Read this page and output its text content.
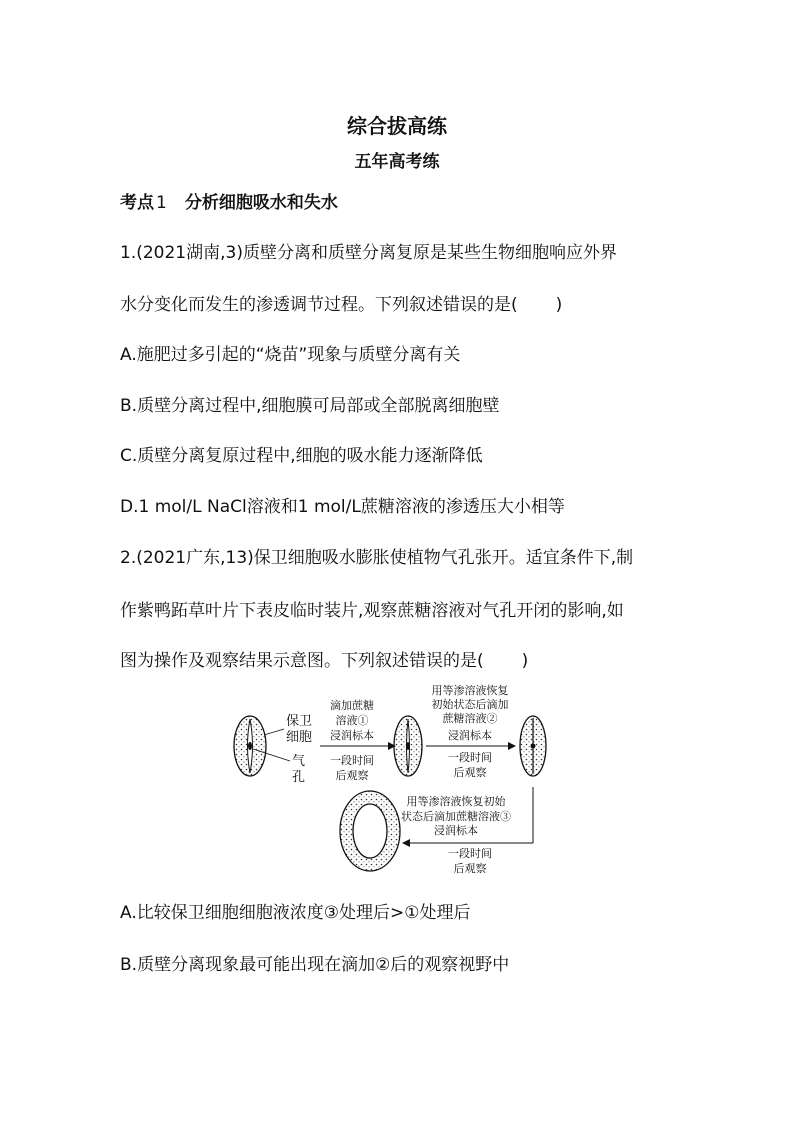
综合拔高练
五年高考练
考点 1 分析细胞吸水和失水
1.(2021湖南,3)质壁分离和质壁分离复原是某些生物细胞响应外界
水分变化而发生的渗透调节过程。下列叙述错误的是( )
A.施肥过多引起的“烧苗”现象与质壁分离有关
B.质壁分离过程中,细胞膜可局部或全部脱离细胞壁
C.质壁分离复原过程中,细胞的吸水能力逐渐降低
D.1 mol/L NaCl溶液和1 mol/L蔗糖溶液的渗透压大小相等
2.(2021广东,13)保卫细胞吸水膨胀使植物气孔张开。适宜条件下,制
作紫鸭跖草叶片下表皮临时装片,观察蔗糖溶液对气孔开闭的影响,如
图为操作及观察结果示意图。下列叙述错误的是( )
保卫
细胞
气
孔
滴加蔗糖
溶液①
浸润标本
一段时间
后观察
用等渗溶液恢复
初始状态后滴加
蔗糖溶液②
浸润标本
一段时间
后观察
用等渗溶液恢复初始
状态后滴加蔗糖溶液③
浸润标本
一段时间
后观察
A.比较保卫细胞细胞液浓度③处理后>①处理后
B.质壁分离现象最可能出现在滴加②后的观察视野中
